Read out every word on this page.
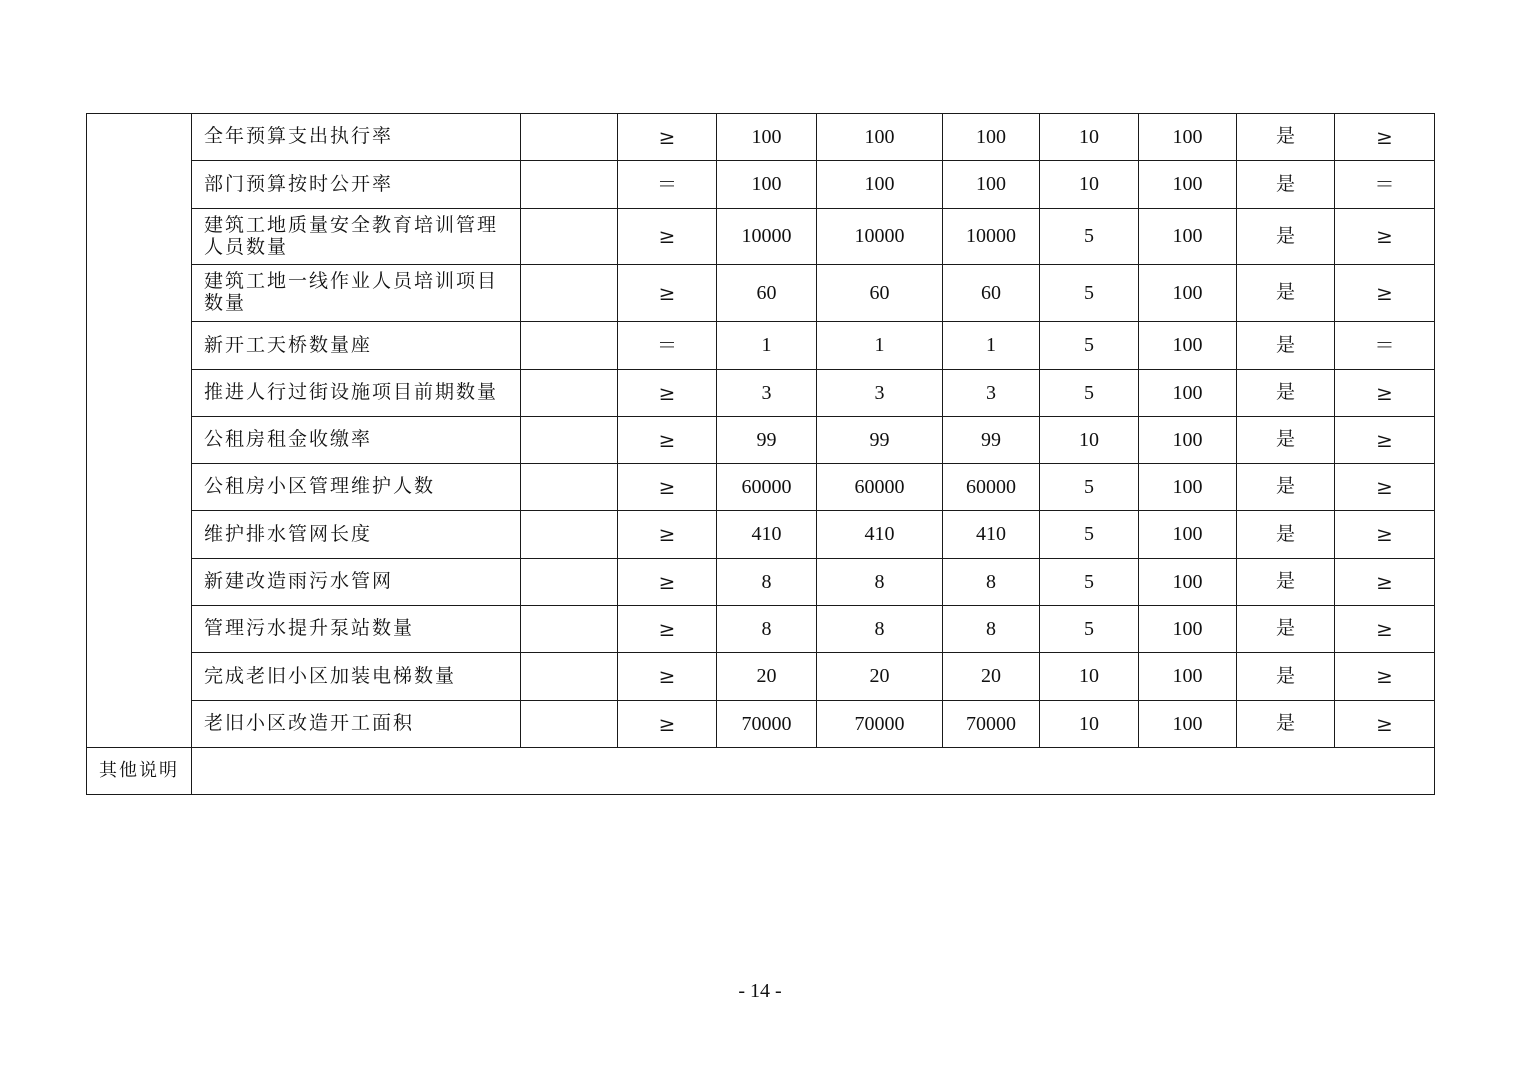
	全年预算支出执行率		≥	100	100	100	10	100	是	≥
	部门预算按时公开率		＝	100	100	100	10	100	是	＝
	建筑工地质量安全教育培训管理人员数量		≥	10000	10000	10000	5	100	是	≥
	建筑工地一线作业人员培训项目数量		≥	60	60	60	5	100	是	≥
	新开工天桥数量座		＝	1	1	1	5	100	是	＝
	推进人行过街设施项目前期数量		≥	3	3	3	5	100	是	≥
	公租房租金收缴率		≥	99	99	99	10	100	是	≥
	公租房小区管理维护人数		≥	60000	60000	60000	5	100	是	≥
	维护排水管网长度		≥	410	410	410	5	100	是	≥
	新建改造雨污水管网		≥	8	8	8	5	100	是	≥
	管理污水提升泵站数量		≥	8	8	8	5	100	是	≥
	完成老旧小区加装电梯数量		≥	20	20	20	10	100	是	≥
	老旧小区改造开工面积		≥	70000	70000	70000	10	100	是	≥
其他说明										
- 14 -
